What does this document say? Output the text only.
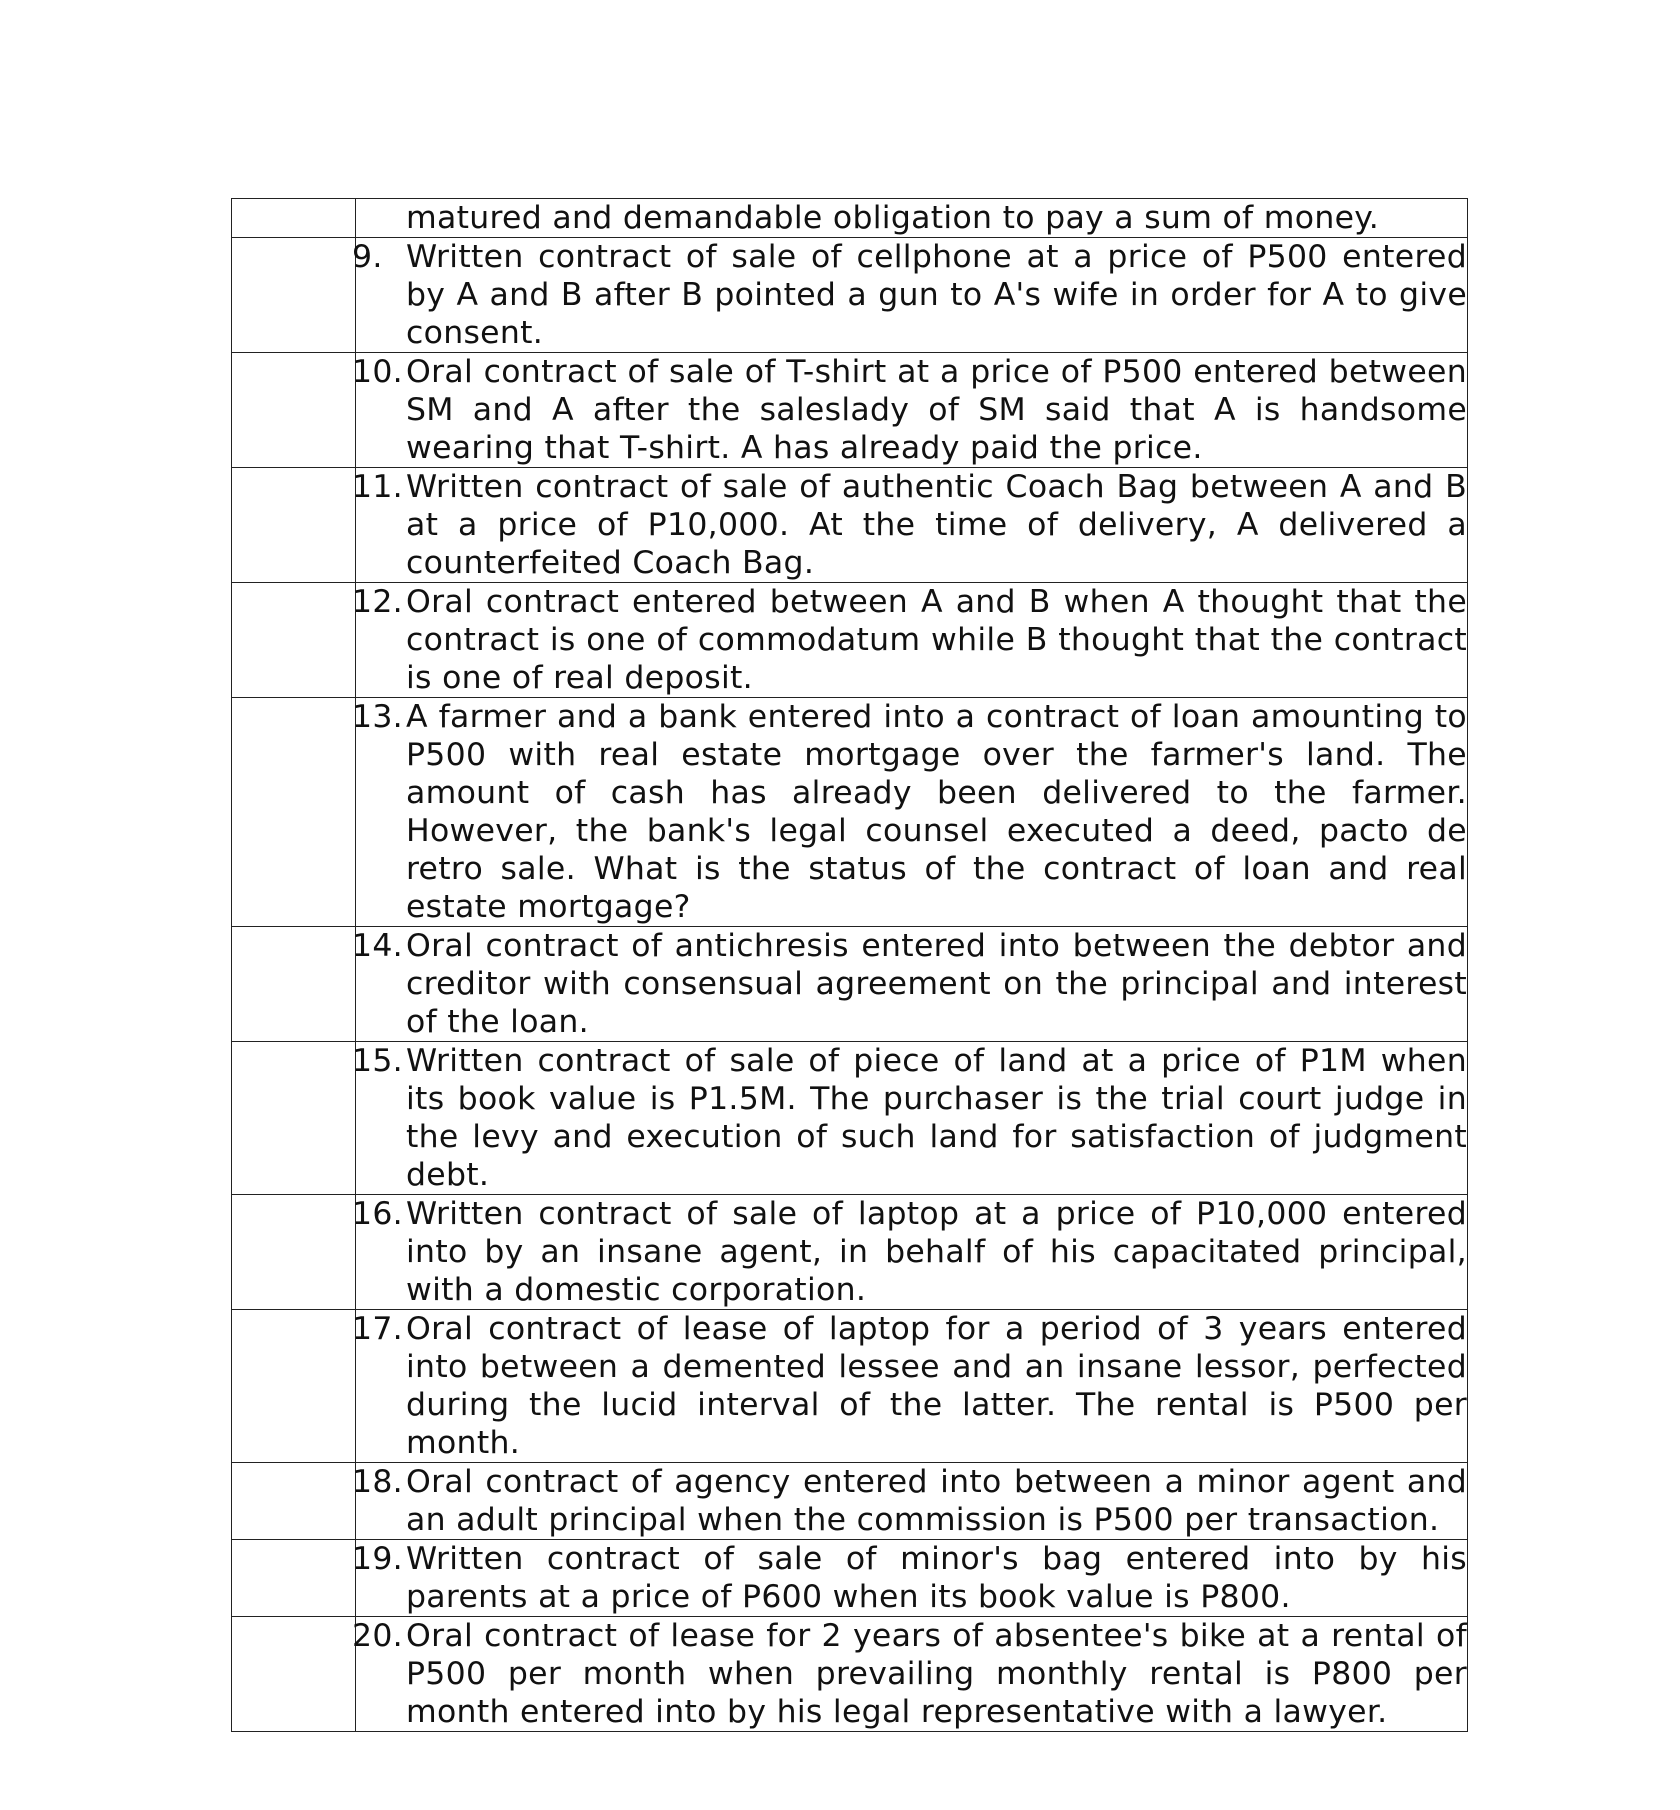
matured and demandable obligation to pay a sum of money.

	9. Written contract of sale of cellphone at a price of P500 entered by A and B after B pointed a gun to A's wife in order for A to give consent.

	10. Oral contract of sale of T-shirt at a price of P500 entered between SM and A after the saleslady of SM said that A is handsome wearing that T-shirt. A has already paid the price.

	11. Written contract of sale of authentic Coach Bag between A and B at a price of P10,000. At the time of delivery, A delivered a counterfeited Coach Bag.

	12. Oral contract entered between A and B when A thought that the contract is one of commodatum while B thought that the contract is one of real deposit.

	13. A farmer and a bank entered into a contract of loan amounting to P500 with real estate mortgage over the farmer's land. The amount of cash has already been delivered to the farmer. However, the bank's legal counsel executed a deed, pacto de retro sale. What is the status of the contract of loan and real estate mortgage?

	14. Oral contract of antichresis entered into between the debtor and creditor with consensual agreement on the principal and interest of the loan.

	15. Written contract of sale of piece of land at a price of P1M when its book value is P1.5M. The purchaser is the trial court judge in the levy and execution of such land for satisfaction of judgment debt.

	16. Written contract of sale of laptop at a price of P10,000 entered into by an insane agent, in behalf of his capacitated principal, with a domestic corporation.

	17. Oral contract of lease of laptop for a period of 3 years entered into between a demented lessee and an insane lessor, perfected during the lucid interval of the latter. The rental is P500 per month.

	18. Oral contract of agency entered into between a minor agent and an adult principal when the commission is P500 per transaction.

	19. Written contract of sale of minor's bag entered into by his parents at a price of P600 when its book value is P800.

	20. Oral contract of lease for 2 years of absentee's bike at a rental of P500 per month when prevailing monthly rental is P800 per month entered into by his legal representative with a lawyer.
